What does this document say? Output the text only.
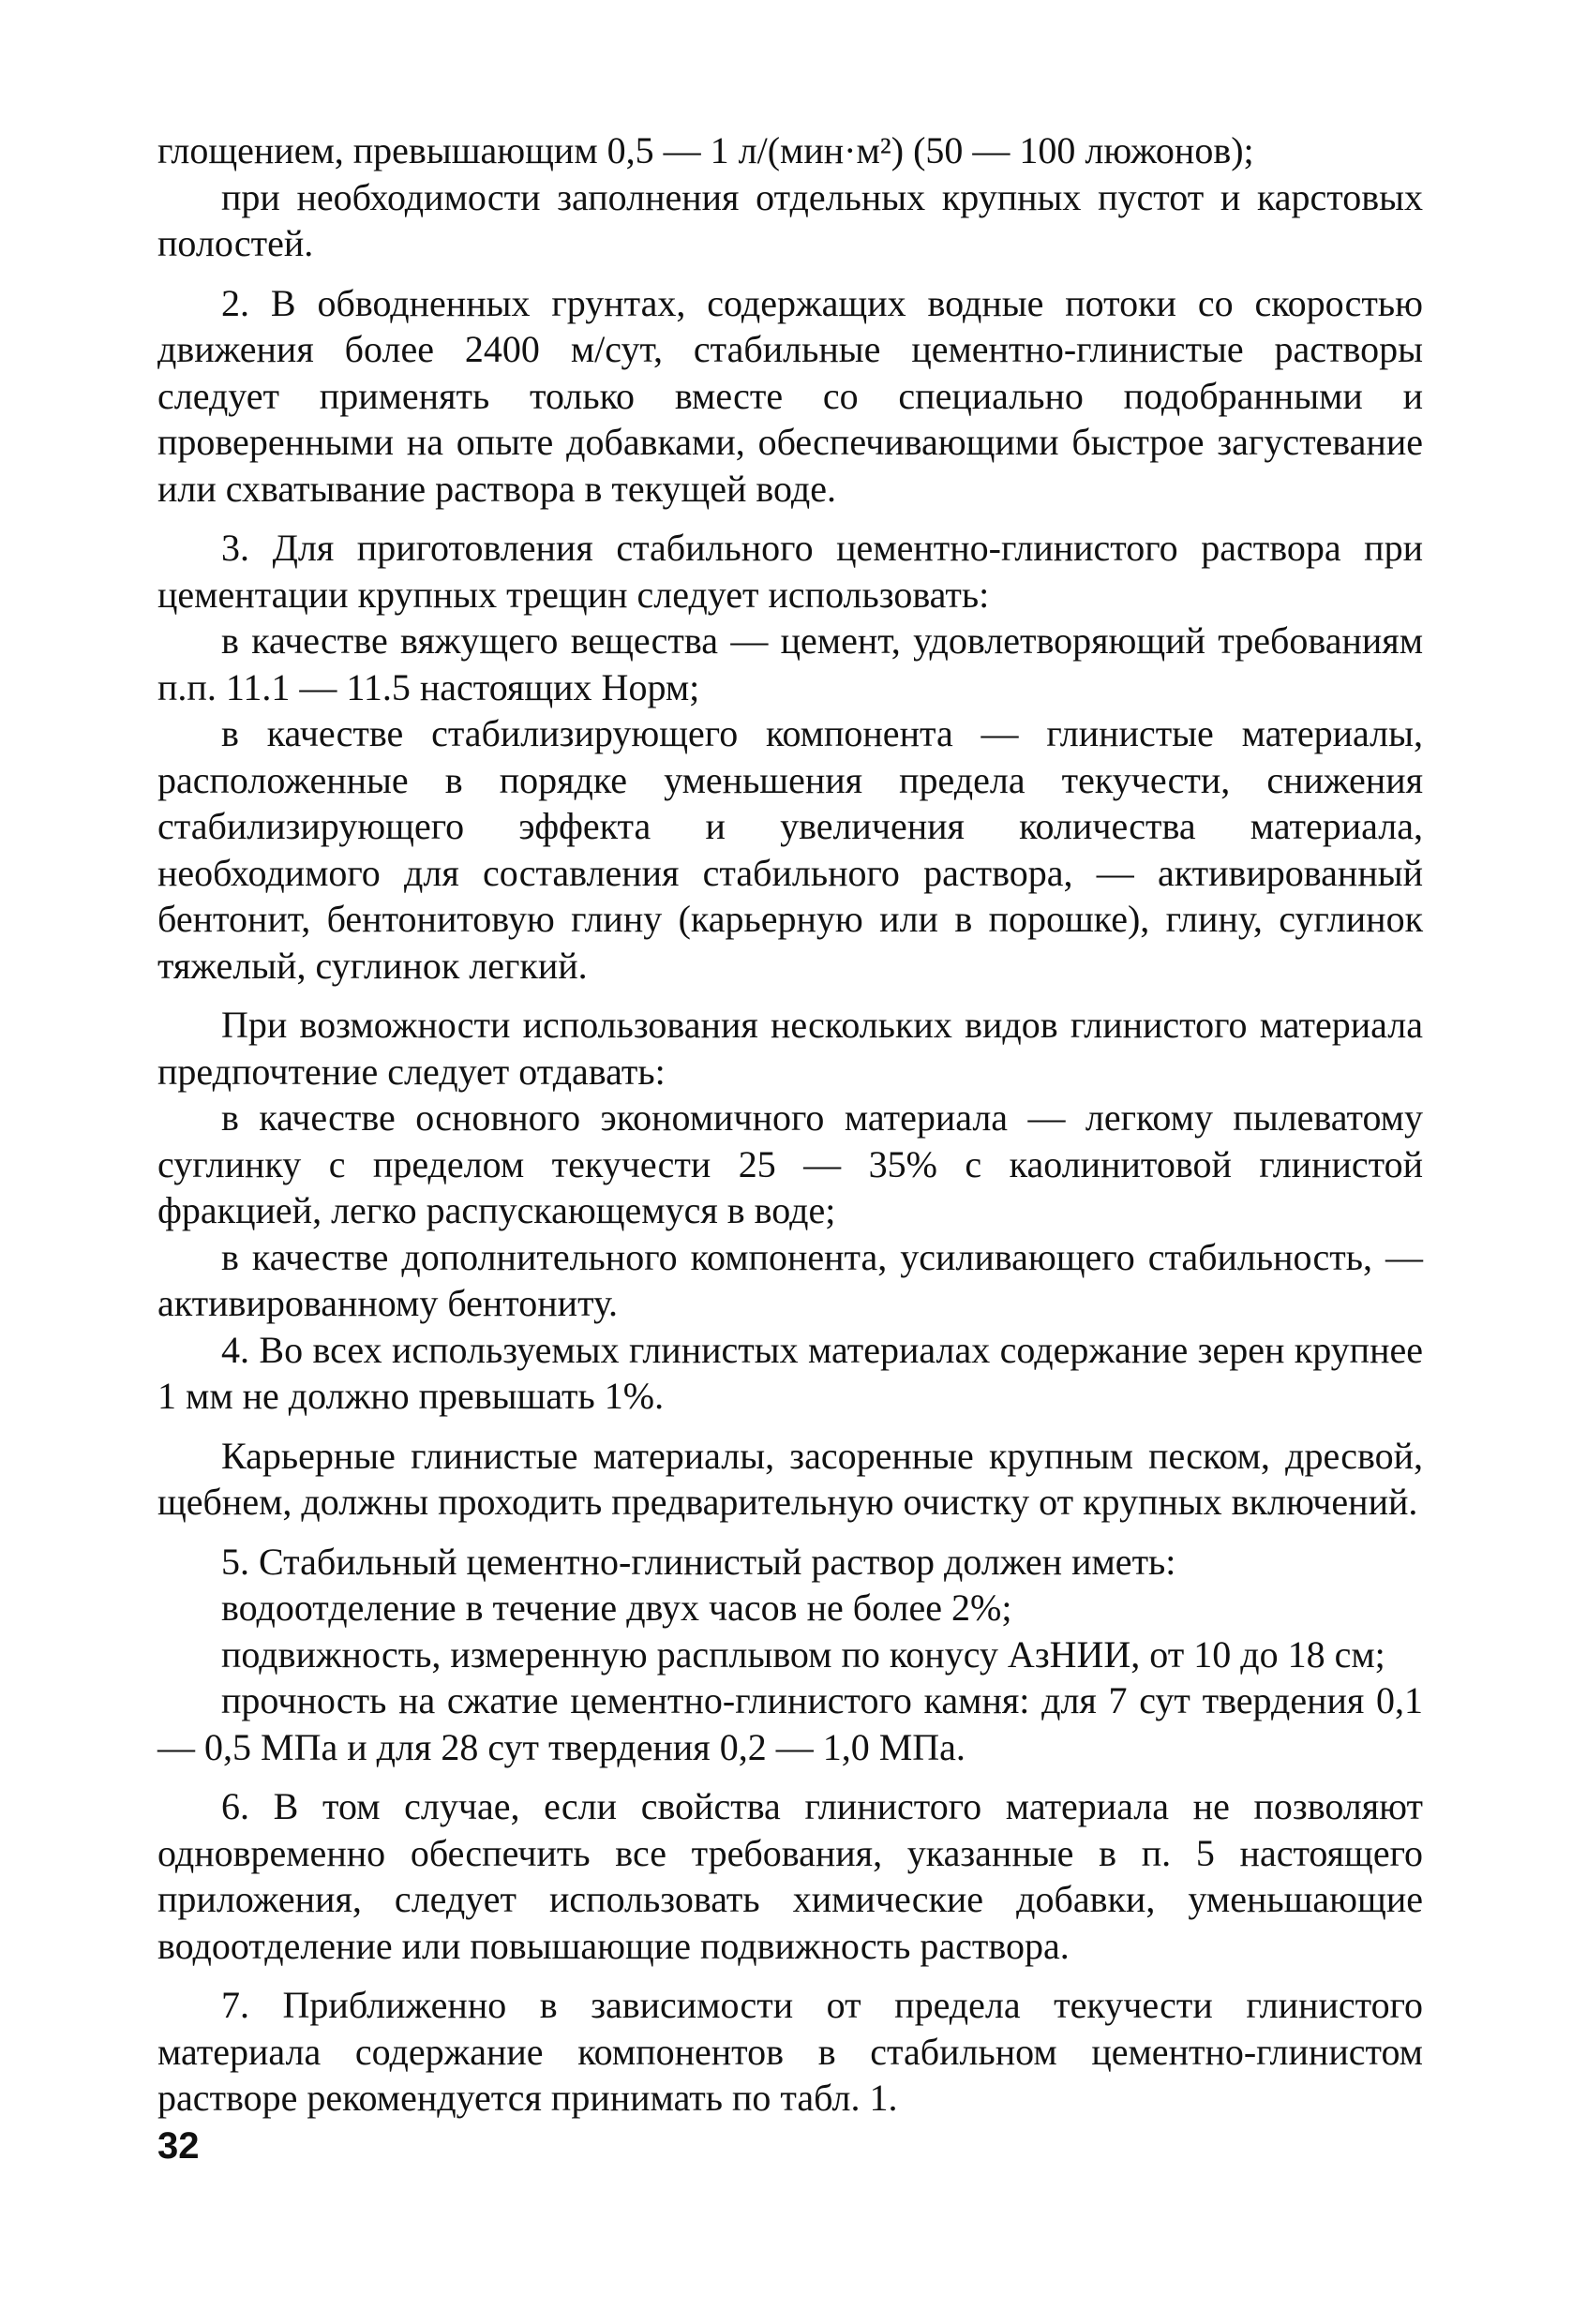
глощением, превышающим 0,5 — 1 л/(мин·м²) (50 — 100 люжонов);

при необходимости заполнения отдельных крупных пустот и карстовых полостей.

2. В обводненных грунтах, содержащих водные потоки со скоростью движения более 2400 м/сут, стабильные цементно-глинистые растворы следует применять только вместе со специально подобранными и проверенными на опыте добавками, обеспечивающими быстрое загустевание или схватывание раствора в текущей воде.

3. Для приготовления стабильного цементно-глинистого раствора при цементации крупных трещин следует использовать:

в качестве вяжущего вещества — цемент, удовлетворяющий требованиям п.п. 11.1 — 11.5 настоящих Норм;

в качестве стабилизирующего компонента — глинистые материалы, расположенные в порядке уменьшения предела текучести, снижения стабилизирующего эффекта и увеличения количества материала, необходимого для составления стабильного раствора, — активированный бентонит, бентонитовую глину (карьерную или в порошке), глину, суглинок тяжелый, суглинок легкий.

При возможности использования нескольких видов глинистого материала предпочтение следует отдавать:

в качестве основного экономичного материала — легкому пылеватому суглинку с пределом текучести 25 — 35% с каолинитовой глинистой фракцией, легко распускающемуся в воде;

в качестве дополнительного компонента, усиливающего стабильность, — активированному бентониту.

4. Во всех используемых глинистых материалах содержание зерен крупнее 1 мм не должно превышать 1%.

Карьерные глинистые материалы, засоренные крупным песком, дресвой, щебнем, должны проходить предварительную очистку от крупных включений.

5. Стабильный цементно-глинистый раствор должен иметь:

водоотделение в течение двух часов не более 2%;

подвижность, измеренную расплывом по конусу АзНИИ, от 10 до 18 см;

прочность на сжатие цементно-глинистого камня: для 7 сут твердения 0,1 — 0,5 МПа и для 28 сут твердения 0,2 — 1,0 МПа.

6. В том случае, если свойства глинистого материала не позволяют одновременно обеспечить все требования, указанные в п. 5 настоящего приложения, следует использовать химические добавки, уменьшающие водоотделение или повышающие подвижность раствора.

7. Приближенно в зависимости от предела текучести глинистого материала содержание компонентов в стабильном цементно-глинистом растворе рекомендуется принимать по табл. 1.

32
